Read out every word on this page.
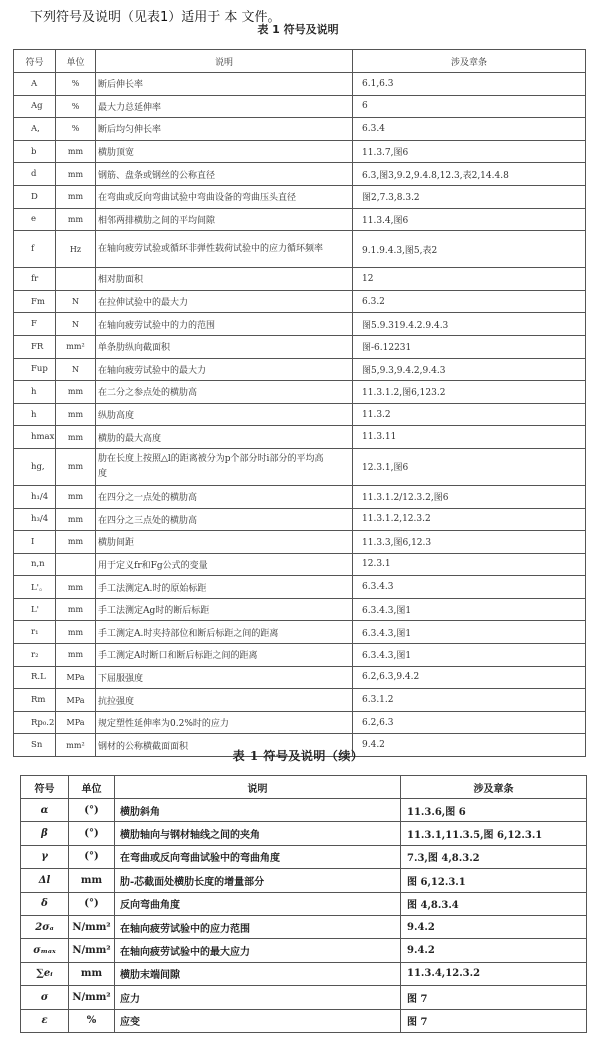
下列符号及说明（见表1）适用于 本 文件。
表 1 符号及说明
符号	单位	说明	涉及章条
A	%	断后伸长率	6.1,6.3
Ag	%	最大力总延伸率	6
A,	%	断后均匀伸长率	6.3.4
b	mm	横肋顶宽	11.3.7,图6
d	mm	钢筋、盘条或钢丝的公称直径	6.3,图3,9.2,9.4.8,12.3,表2,14.4.8
D	mm	在弯曲或反向弯曲试验中弯曲设备的弯曲压头直径	图2,7.3,8.3.2
e	mm	相邻两排横肋之间的平均间隙	11.3.4,图6
f	Hz	在轴向疲劳试验或循环非弹性载荷试验中的应力循环频率	9.1.9.4.3,图5,表2
fr		相对肋面积	12
Fm	N	在拉伸试验中的最大力	6.3.2
F	N	在轴向疲劳试验中的力的范围	图5.9.319.4.2.9.4.3
FR	mm²	单条肋纵向截面积	图-6.12231
Fup	N	在轴向疲劳试验中的最大力	图5,9.3,9.4.2,9.4.3
h	mm	在二分之参点处的横肋高	11.3.1.2,图6,123.2
h	mm	纵肋高度	11.3.2
hmax	mm	横肋的最大高度	11.3.11
hg,	mm	肋在长度上按照△l的距离被分为p个部分时i部分的平均高度	12.3.1,图6
h₁/4	mm	在四分之一点处的横肋高	11.3.1.2/12.3.2,图6
h₃/4	mm	在四分之三点处的横肋高	11.3.1.2,12.3.2
I	mm	横肋间距	11.3.3,图6,12.3
n,n		用于定义fr和Fg公式的变量	12.3.1
L'。	mm	手工法测定A.时的原始标距	6.3.4.3
L'	mm	手工法测定Ag时的断后标距	6.3.4.3,图1
r₁	mm	手工测定A.时夹持部位和断后标距之间的距离	6.3.4.3,图1
r₂	mm	手工测定A时断口和断后标距之间的距离	6.3.4.3,图1
R.L	MPa	下屈服强度	6.2,6.3,9.4.2
Rm	MPa	抗拉强度	6.3.1.2
Rp₀.2	MPa	规定塑性延伸率为0.2%时的应力	6.2,6.3
Sn	mm²	钢材的公称横截面面积	9.4.2
表 1 符号及说明（续）
符号	单位	说明	涉及章条
α	(°)	横肋斜角	11.3.6,图 6
β	(°)	横肋轴向与钢材轴线之间的夹角	11.3.1,11.3.5,图 6,12.3.1
γ	(°)	在弯曲或反向弯曲试验中的弯曲角度	7.3,图 4,8.3.2
Δl	mm	肋-芯截面处横肋长度的增量部分	图 6,12.3.1
δ	(°)	反向弯曲角度	图 4,8.3.4
2σₐ	N/mm²	在轴向疲劳试验中的应力范围	9.4.2
σₘₐₓ	N/mm²	在轴向疲劳试验中的最大应力	9.4.2
∑eᵢ	mm	横肋末端间隙	11.3.4,12.3.2
σ	N/mm²	应力	图 7
ε	%	应变	图 7
